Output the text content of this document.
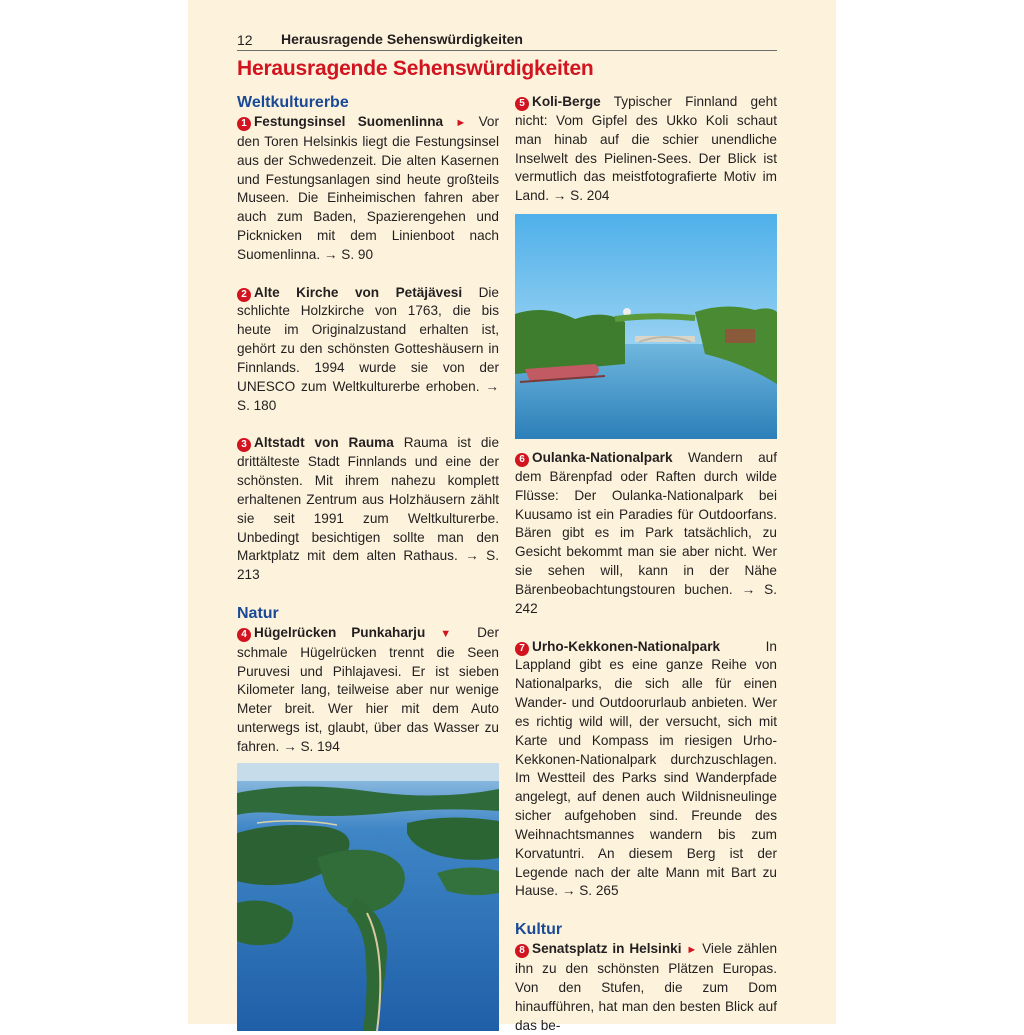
12 Herausragende Sehenswürdigkeiten
Herausragende Sehenswürdigkeiten
Weltkulturerbe

1 Festungsinsel Suomenlinna ► Vor den Toren Helsinkis liegt die Festungsinsel aus der Schwedenzeit. Die alten Kasernen und Festungsanlagen sind heute großteils Museen. Die Einheimischen fahren aber auch zum Baden, Spazierengehen und Picknicken mit dem Linienboot nach Suomenlinna. → S. 90

2 Alte Kirche von Petäjävesi Die schlichte Holzkirche von 1763, die bis heute im Originalzustand erhalten ist, gehört zu den schönsten Gotteshäusern in Finnlands. 1994 wurde sie von der UNESCO zum Weltkulturerbe erhoben. → S. 180

3 Altstadt von Rauma Rauma ist die drittälteste Stadt Finnlands und eine der schönsten. Mit ihrem nahezu komplett erhaltenen Zentrum aus Holzhäusern zählt sie seit 1991 zum Weltkulturerbe. Unbedingt besichtigen sollte man den Marktplatz mit dem alten Rathaus. → S. 213

Natur

4 Hügelrücken Punkaharju ▼ Der schmale Hügelrücken trennt die Seen Puruvesi und Pihlajavesi. Er ist sieben Kilometer lang, teilweise aber nur wenige Meter breit. Wer hier mit dem Auto unterwegs ist, glaubt, über das Wasser zu fahren. → S. 194

5 Koli-Berge Typischer Finnland geht nicht: Vom Gipfel des Ukko Koli schaut man hinab auf die schier unendliche Inselwelt des Pielinen-Sees. Der Blick ist vermutlich das meistfotografierte Motiv im Land. → S. 204

6 Oulanka-Nationalpark Wandern auf dem Bärenpfad oder Raften durch wilde Flüsse: Der Oulanka-Nationalpark bei Kuusamo ist ein Paradies für Outdoorfans. Bären gibt es im Park tatsächlich, zu Gesicht bekommt man sie aber nicht. Wer sie sehen will, kann in der Nähe Bärenbeobachtungstouren buchen. → S. 242

7 Urho-Kekkonen-Nationalpark In Lappland gibt es eine ganze Reihe von Nationalparks, die sich alle für einen Wander- und Outdoorurlaub anbieten. Wer es richtig wild will, der versucht, sich mit Karte und Kompass im riesigen Urho-Kekkonen-Nationalpark durchzuschlagen. Im Westteil des Parks sind Wanderpfade angelegt, auf denen auch Wildnisneulinge sicher aufgehoben sind. Freunde des Weihnachtsmannes wandern bis zum Korvatuntri. An diesem Berg ist der Legende nach der alte Mann mit Bart zu Hause. → S. 265

Kultur

8 Senatsplatz in Helsinki ► Viele zählen ihn zu den schönsten Plätzen Europas. Von den Stufen, die zum Dom hinaufführen, hat man den besten Blick auf das be-
